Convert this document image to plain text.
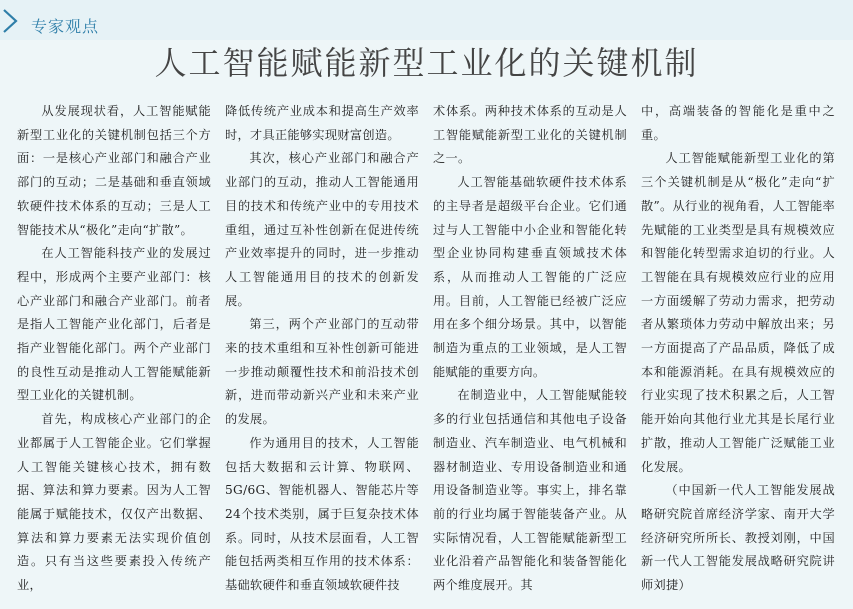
专家观点
人工智能赋能新型工业化的关键机制

从发展现状看，人工智能赋能新型工业化的关键机制包括三个方面：一是核心产业部门和融合产业部门的互动；二是基础和垂直领域软硬件技术体系的互动；三是人工智能技术从“极化”走向“扩散”。

在人工智能科技产业的发展过程中，形成两个主要产业部门：核心产业部门和融合产业部门。前者是指人工智能产业化部门，后者是指产业智能化部门。两个产业部门的良性互动是推动人工智能赋能新型工业化的关键机制。

首先，构成核心产业部门的企业都属于人工智能企业。它们掌握人工智能关键核心技术，拥有数据、算法和算力要素。因为人工智能属于赋能技术，仅仅产出数据、算法和算力要素无法实现价值创造。只有当这些要素投入传统产业，

降低传统产业成本和提高生产效率时，才具正能够实现财富创造。

其次，核心产业部门和融合产业部门的互动，推动人工智能通用目的技术和传统产业中的专用技术重组，通过互补性创新在促进传统产业效率提升的同时，进一步推动人工智能通用目的技术的创新发展。

第三，两个产业部门的互动带来的技术重组和互补性创新可能进一步推动颠覆性技术和前沿技术创新，进而带动新兴产业和未来产业的发展。

作为通用目的技术，人工智能包括大数据和云计算、物联网、5G/6G、智能机器人、智能芯片等24个技术类别，属于巨复杂技术体系。同时，从技术层面看，人工智能包括两类相互作用的技术体系：基础软硬件和垂直领域软硬件技

术体系。两种技术体系的互动是人工智能赋能新型工业化的关键机制之一。

人工智能基础软硬件技术体系的主导者是超级平台企业。它们通过与人工智能中小企业和智能化转型企业协同构建垂直领域技术体系，从而推动人工智能的广泛应用。目前，人工智能已经被广泛应用在多个细分场景。其中，以智能制造为重点的工业领域，是人工智能赋能的重要方向。

在制造业中，人工智能赋能较多的行业包括通信和其他电子设备制造业、汽车制造业、电气机械和器材制造业、专用设备制造业和通用设备制造业等。事实上，排名靠前的行业均属于智能装备产业。从实际情况看，人工智能赋能新型工业化沿着产品智能化和装备智能化两个维度展开。其

中，高端装备的智能化是重中之重。

人工智能赋能新型工业化的第三个关键机制是从“极化”走向“扩散”。从行业的视角看，人工智能率先赋能的工业类型是具有规模效应和智能化转型需求迫切的行业。人工智能在具有规模效应行业的应用一方面缓解了劳动力需求，把劳动者从繁琐体力劳动中解放出来；另一方面提高了产品品质，降低了成本和能源消耗。在具有规模效应的行业实现了技术积累之后，人工智能开始向其他行业尤其是长尾行业扩散，推动人工智能广泛赋能工业化发展。

（中国新一代人工智能发展战略研究院首席经济学家、南开大学经济研究所所长、教授刘刚，中国新一代人工智能发展战略研究院讲师刘捷）
